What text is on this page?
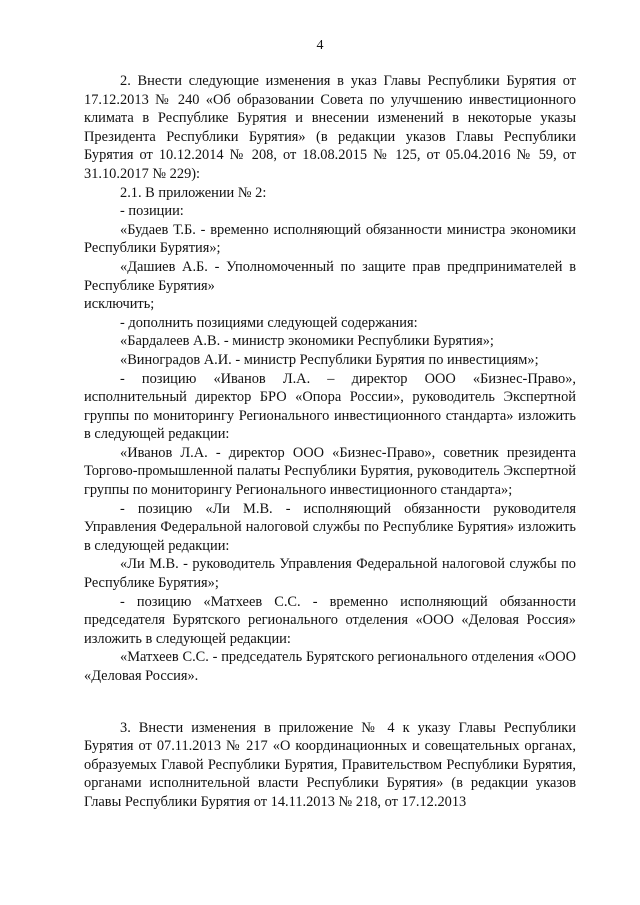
4

2. Внести следующие изменения в указ Главы Республики Бурятия от 17.12.2013 № 240 «Об образовании Совета по улучшению инвестиционного климата в Республике Бурятия и внесении изменений в некоторые указы Президента Республики Бурятия» (в редакции указов Главы Республики Бурятия от 10.12.2014 № 208, от 18.08.2015 № 125, от 05.04.2016 № 59, от 31.10.2017 № 229):

2.1. В приложении № 2:

- позиции:

«Будаев Т.Б. - временно исполняющий обязанности министра экономики Республики Бурятия»;

«Дашиев А.Б. - Уполномоченный по защите прав предпринимателей в Республике Бурятия»

исключить;

- дополнить позициями следующей содержания:

«Бардалеев А.В. - министр экономики Республики Бурятия»;

«Виноградов А.И. - министр Республики Бурятия по инвестициям»;

- позицию «Иванов Л.А. – директор ООО «Бизнес-Право», исполнительный директор БРО «Опора России», руководитель Экспертной группы по мониторингу Регионального инвестиционного стандарта» изложить в следующей редакции:

«Иванов Л.А. - директор ООО «Бизнес-Право», советник президента Торгово-промышленной палаты Республики Бурятия, руководитель Экспертной группы по мониторингу Регионального инвестиционного стандарта»;

- позицию «Ли М.В. - исполняющий обязанности руководителя Управления Федеральной налоговой службы по Республике Бурятия» изложить в следующей редакции:

«Ли М.В. - руководитель Управления Федеральной налоговой службы по Республике Бурятия»;

- позицию «Матхеев С.С. - временно исполняющий обязанности председателя Бурятского регионального отделения «ООО «Деловая Россия» изложить в следующей редакции:

«Матхеев С.С. - председатель Бурятского регионального отделения «ООО «Деловая Россия».

3. Внести изменения в приложение № 4 к указу Главы Республики Бурятия от 07.11.2013 № 217 «О координационных и совещательных органах, образуемых Главой Республики Бурятия, Правительством Республики Бурятия, органами исполнительной власти Республики Бурятия» (в редакции указов Главы Республики Бурятия от 14.11.2013 № 218, от 17.12.2013
